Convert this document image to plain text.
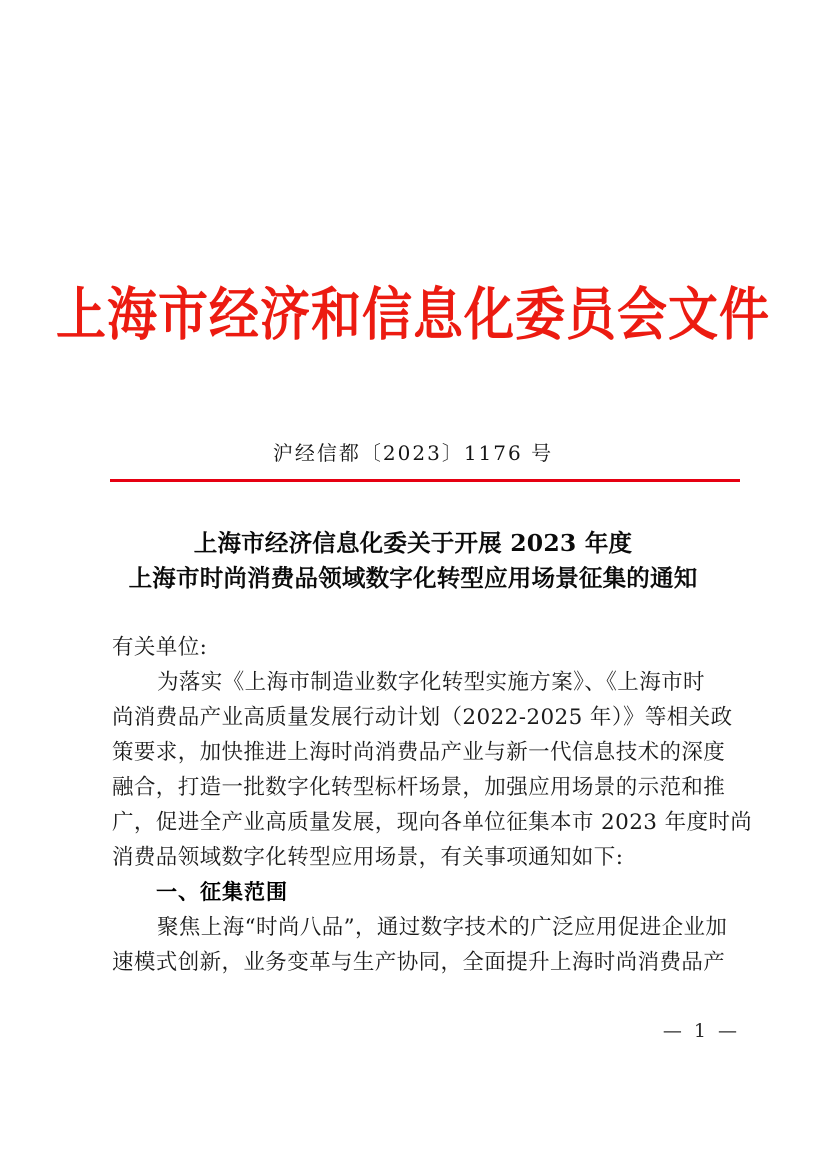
上海市经济和信息化委员会文件
沪经信都〔2023〕1176 号
上海市经济信息化委关于开展 2023 年度
上海市时尚消费品领域数字化转型应用场景征集的通知
有关单位:
为落实《上海市制造业数字化转型实施方案》、《上海市时
尚消费品产业高质量发展行动计划（2022-2025 年）》等相关政
策要求，加快推进上海时尚消费品产业与新一代信息技术的深度
融合，打造一批数字化转型标杆场景，加强应用场景的示范和推
广，促进全产业高质量发展，现向各单位征集本市 2023 年度时尚
消费品领域数字化转型应用场景，有关事项通知如下:
一、征集范围
聚焦上海“时尚八品”，通过数字技术的广泛应用促进企业加
速模式创新，业务变革与生产协同，全面提升上海时尚消费品产
— 1 —
